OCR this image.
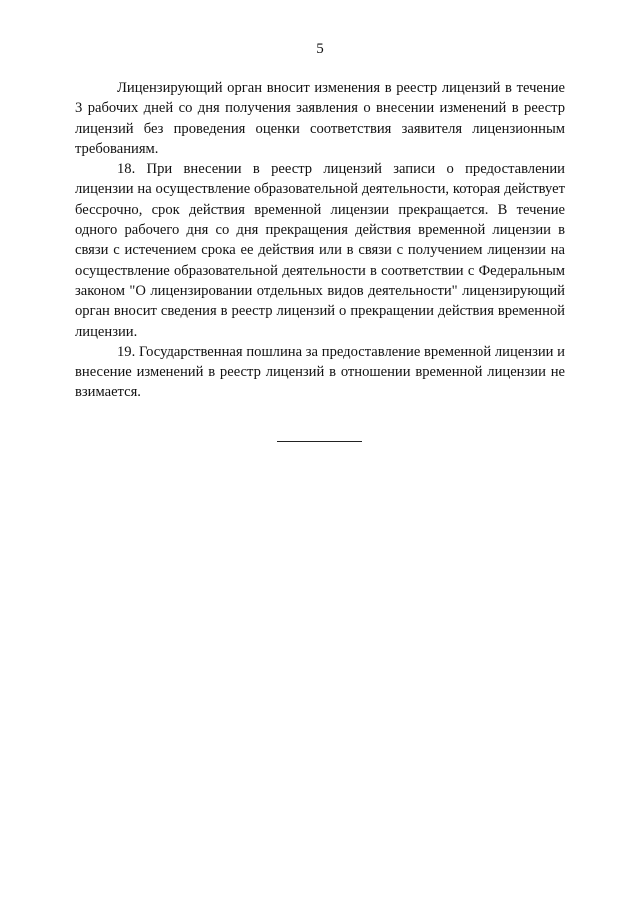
5

Лицензирующий орган вносит изменения в реестр лицензий в течение 3 рабочих дней со дня получения заявления о внесении изменений в реестр лицензий без проведения оценки соответствия заявителя лицензионным требованиям.

18. При внесении в реестр лицензий записи о предоставлении лицензии на осуществление образовательной деятельности, которая действует бессрочно, срок действия временной лицензии прекращается. В течение одного рабочего дня со дня прекращения действия временной лицензии в связи с истечением срока ее действия или в связи с получением лицензии на осуществление образовательной деятельности в соответствии с Федеральным законом "О лицензировании отдельных видов деятельности" лицензирующий орган вносит сведения в реестр лицензий о прекращении действия временной лицензии.

19. Государственная пошлина за предоставление временной лицензии и внесение изменений в реестр лицензий в отношении временной лицензии не взимается.
